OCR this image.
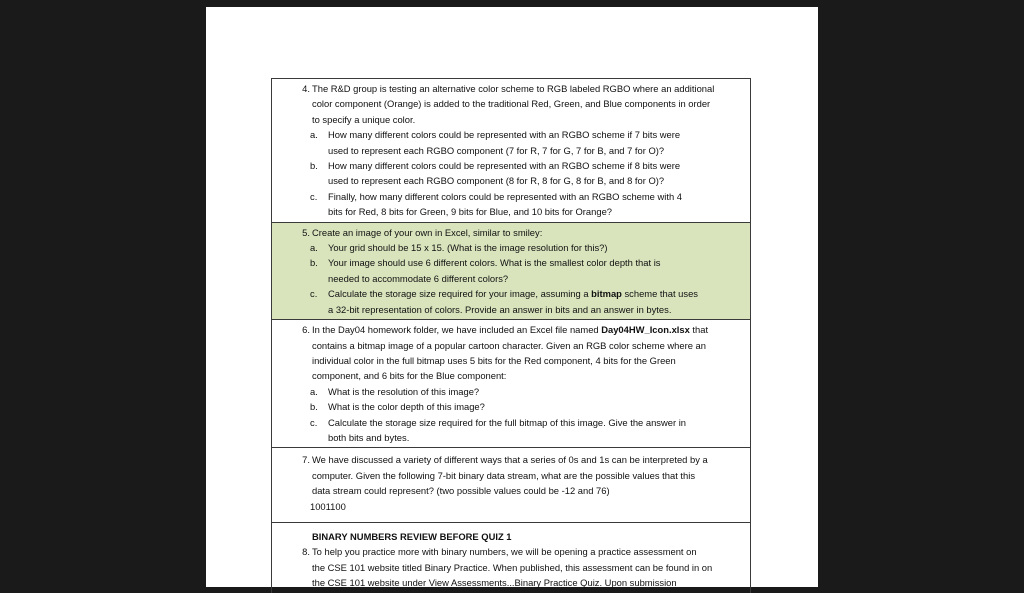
4. The R&D group is testing an alternative color scheme to RGB labeled RGBO where an additional

color component (Orange) is added to the traditional Red, Green, and Blue components in order

to specify a unique color.

a.	How many different colors could be represented with an RGBO scheme if 7 bits were

used to represent each RGBO component (7 for R, 7 for G, 7 for B, and 7 for O)?

b.	How many different colors could be represented with an RGBO scheme if 8 bits were

used to represent each RGBO component (8 for R, 8 for G, 8 for B, and 8 for O)?

c.	Finally, how many different colors could be represented with an RGBO scheme with 4

bits for Red, 8 bits for Green, 9 bits for Blue, and 10 bits for Orange?

5. Create an image of your own in Excel, similar to smiley:

a.	Your grid should be 15 x 15. (What is the image resolution for this?)

b.	Your image should use 6 different colors. What is the smallest color depth that is

needed to accommodate 6 different colors?

c.	Calculate the storage size required for your image, assuming a bitmap scheme that uses

a 32-bit representation of colors. Provide an answer in bits and an answer in bytes.

6. In the Day04 homework folder, we have included an Excel file named Day04HW_Icon.xlsx that

contains a bitmap image of a popular cartoon character. Given an RGB color scheme where an

individual color in the full bitmap uses 5 bits for the Red component, 4 bits for the Green

component, and 6 bits for the Blue component:

a.	What is the resolution of this image?

b.	What is the color depth of this image?

c.	Calculate the storage size required for the full bitmap of this image. Give the answer in

both bits and bytes.

7. We have discussed a variety of different ways that a series of 0s and 1s can be interpreted by a

computer. Given the following 7-bit binary data stream, what are the possible values that this

data stream could represent? (two possible values could be -12 and 76)

1001100
BINARY NUMBERS REVIEW BEFORE QUIZ 1
8. To help you practice more with binary numbers, we will be opening a practice assessment on

the CSE 101 website titled Binary Practice. When published, this assessment can be found in on

the CSE 101 website under View Assessments...Binary Practice Quiz. Upon submission
